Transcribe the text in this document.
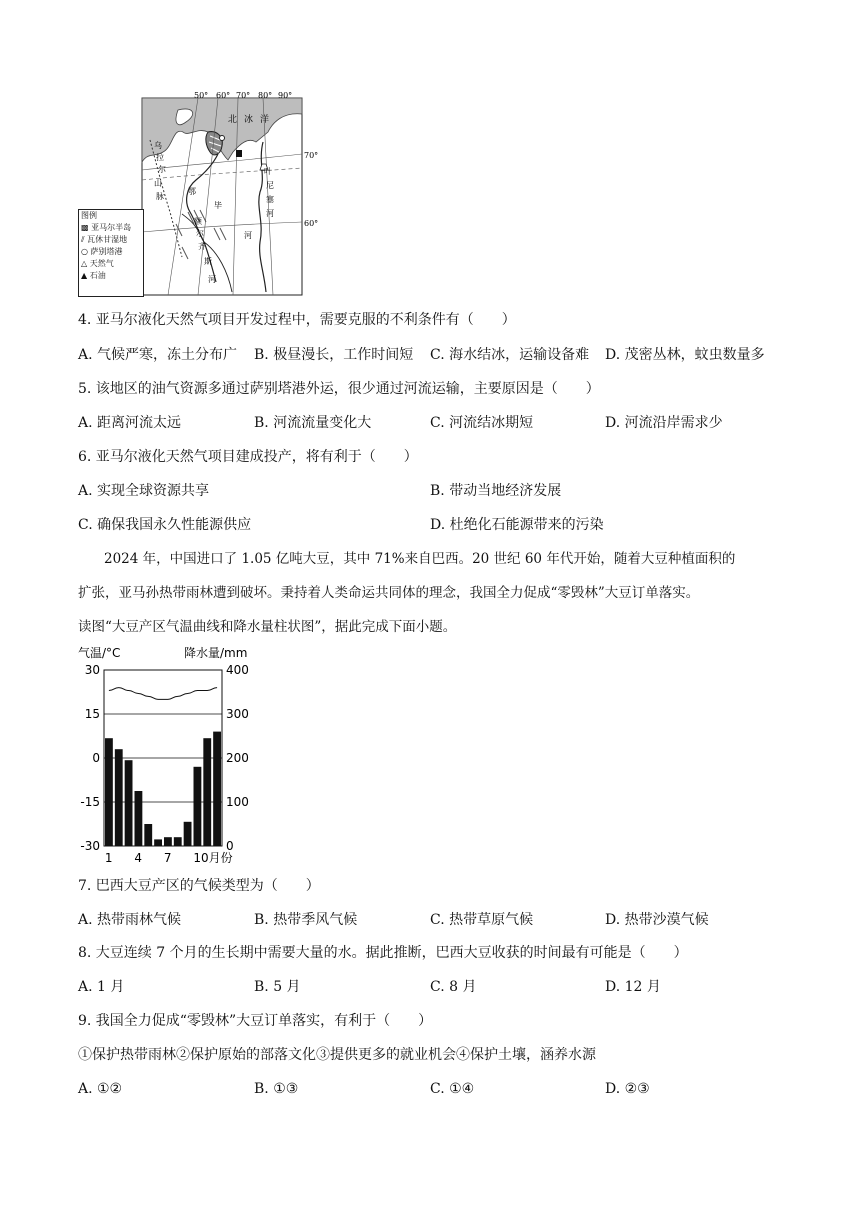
50° 60° 70° 80° 90°
70°
60°
北 冰 洋
乌
拉
尔
山
脉
鄂
毕
河
额
尔
齐
斯
河
叶
尼
塞
河
图例
▩ 亚马尔半岛
⫽ 瓦休甘湿地
○ 萨别塔港
△ 天然气
▲ 石油
4. 亚马尔液化天然气项目开发过程中，需要克服的不利条件有（　　）
A. 气候严寒，冻土分布广 B. 极昼漫长，工作时间短 C. 海水结冰，运输设备难 D. 茂密丛林，蚊虫数量多
5. 该地区的油气资源多通过萨别塔港外运，很少通过河流运输，主要原因是（　　）
A. 距离河流太远	B. 河流流量变化大	C. 河流结冰期短	D. 河流沿岸需求少
6. 亚马尔液化天然气项目建成投产，将有利于（　　）
A. 实现全球资源共享	B. 带动当地经济发展
C. 确保我国永久性能源供应	D. 杜绝化石能源带来的污染
2024 年，中国进口了 1.05 亿吨大豆，其中 71%来自巴西。20 世纪 60 年代开始，随着大豆种植面积的
扩张，亚马孙热带雨林遭到破坏。秉持着人类命运共同体的理念，我国全力促成“零毁林”大豆订单落实。
读图“大豆产区气温曲线和降水量柱状图”，据此完成下面小题。
气温/°C	降水量/mm
30
15
0
-15
-30
400
300
200
100
0
1 4 7 10月份
7. 巴西大豆产区的气候类型为（　　）
A. 热带雨林气候	B. 热带季风气候	C. 热带草原气候	D. 热带沙漠气候
8. 大豆连续 7 个月的生长期中需要大量的水。据此推断，巴西大豆收获的时间最有可能是（　　）
A. 1 月	B. 5 月	C. 8 月	D. 12 月
9. 我国全力促成“零毁林”大豆订单落实，有利于（　　）
①保护热带雨林②保护原始的部落文化③提供更多的就业机会④保护土壤，涵养水源
A. ①②	B. ①③	C. ①④	D. ②③
